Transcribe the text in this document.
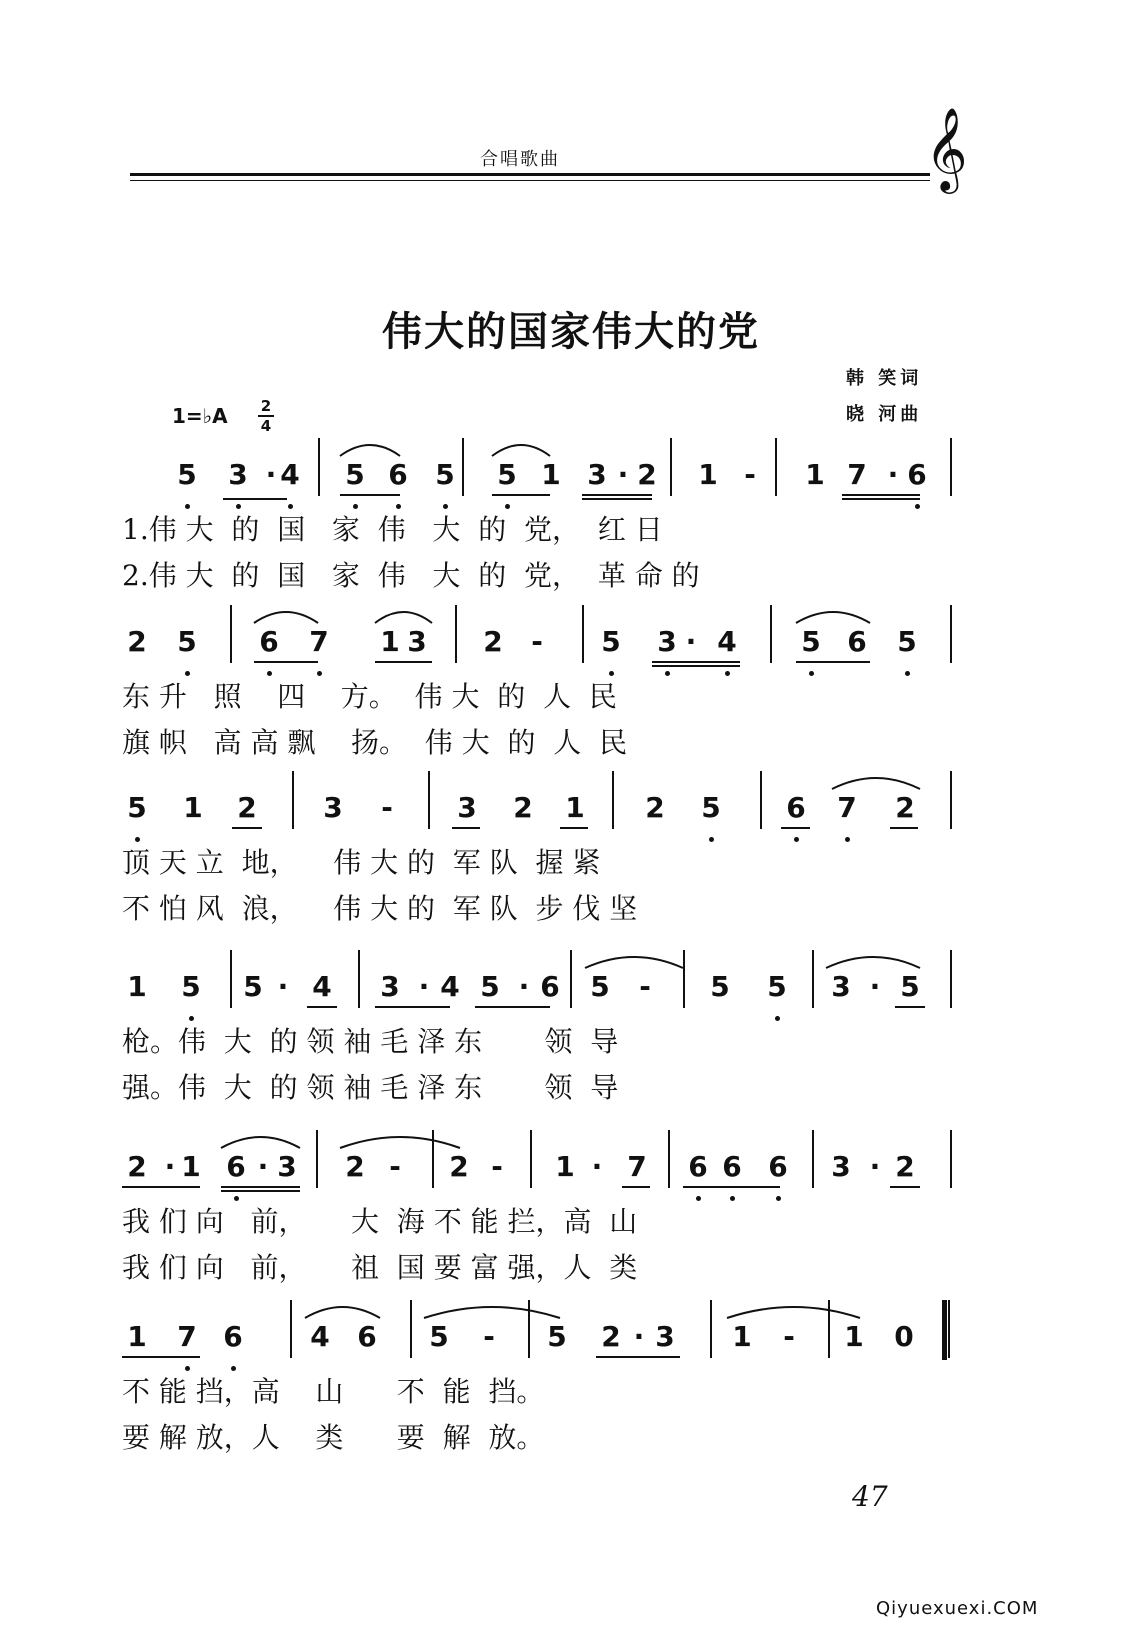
合唱歌曲	𝄞
伟大的国家伟大的党
韩 笑词
晓 河曲
1=♭A 2
4
5 3 · 4 5 6 5 5 1 3 · 2 1 -	1 7 · 6
1.伟 大  的  国   家  伟   大  的  党，  红 日
2.伟 大  的  国   家  伟   大  的  党，  革 命 的
2 5 6 7 1 3 2	-	5 3 · 4 5 6 5
东 升   照    四    方。  伟 大  的  人  民
旗 帜   高 高 飘    扬。  伟 大  的  人  民
5 1 2 3	-	3 2 1 2 5 6 7 2
顶 天 立  地，    伟 大 的  军 队  握 紧
不 怕 风  浪，    伟 大 的  军 队  步 伐 坚
1 5 5 · 4 3 · 4 5 · 6 5	-	5 5 3 · 5
枪。伟  大  的 领 袖 毛 泽 东       领  导
强。伟  大  的 领 袖 毛 泽 东       领  导
2 · 1 6 · 3 2 -	2 -	1 · 7 6 6 6 3 · 2
我 们 向   前，     大  海 不 能 拦，高  山
我 们 向   前，     祖  国 要 富 强，人  类
1 7 6 4 6 5	-	5 2 · 3 1	-	1 0
不 能 挡，高    山      不  能  挡。
要 解 放，人    类      要  解  放。
47
Qiyuexuexi.COM
